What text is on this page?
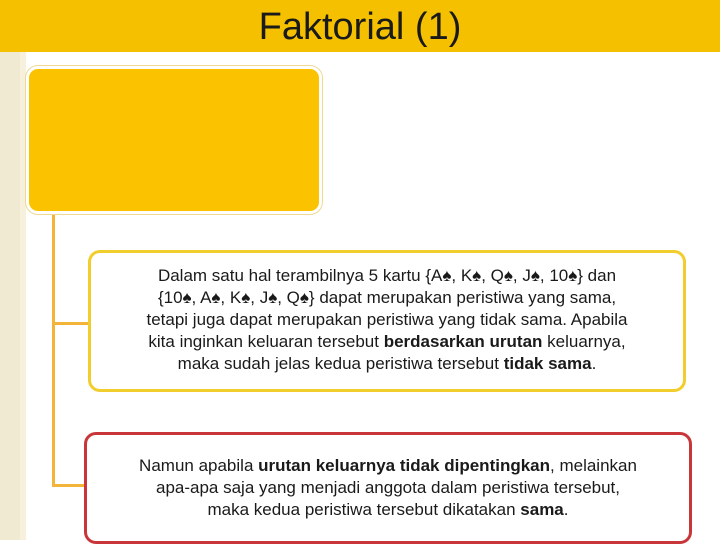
Faktorial (1)
Dalam satu hal terambilnya 5 kartu {A♠, K♠, Q♠, J♠, 10♠} dan
{10♠, A♠, K♠, J♠, Q♠} dapat merupakan peristiwa yang sama,
tetapi juga dapat merupakan peristiwa yang tidak sama. Apabila
kita inginkan keluaran tersebut berdasarkan urutan keluarnya,
maka sudah jelas kedua peristiwa tersebut tidak sama.
Namun apabila urutan keluarnya tidak dipentingkan, melainkan
apa-apa saja yang menjadi anggota dalam peristiwa tersebut,
maka kedua peristiwa tersebut dikatakan sama.
